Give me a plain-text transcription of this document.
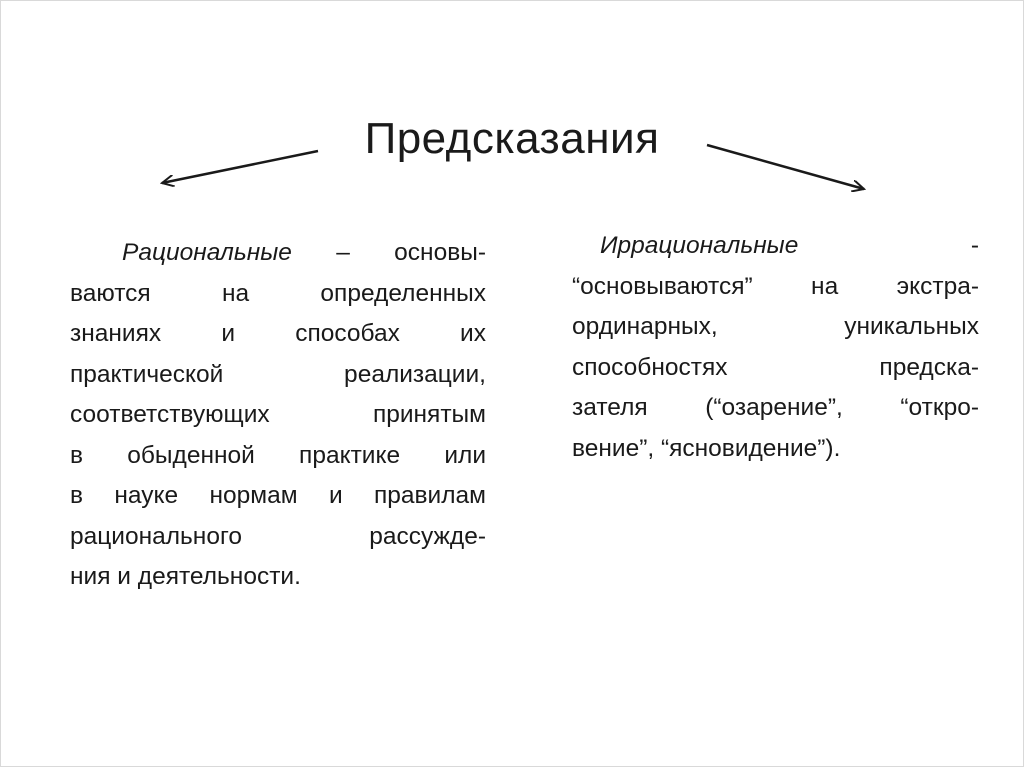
Предсказания
Рациональные – основы-
ваются на определенных
знаниях и способах их
практической реализации,
соответствующих принятым
в обыденной практике или
в науке нормам и правилам
рационального рассужде-
ния и деятельности.
Иррациональные	-
“основываются” на экстра-
ординарных, уникальных
способностях предска-
зателя (“озарение”, “откро-
вение”, “ясновидение”).
